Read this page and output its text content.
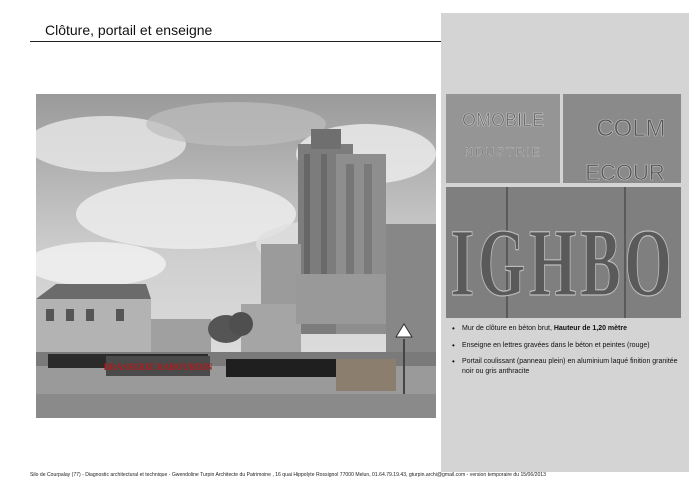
Clôture, portail et enseigne
BRASSERIE RABOURDIN
OMOBILE
NDUSTRIE
COLM
ECOUR
IGHBO
• Mur de clôture en béton brut, Hauteur de 1,20 mètre
• Enseigne en lettres gravées dans le béton et peintes (rouge)
• Portail coulissant (panneau plein) en aluminium laqué finition granitée noir ou gris anthracite
Silo de Courpalay (77) - Diagnostic architectural et technique - Gwendoline Turpin Architecte du Patrimoine , 16 quai Hippolyte Rossignol 77000 Melun, 01.64.79.19.43, gturpin.archi@gmail.com - version temporaire du 15/06/2013
